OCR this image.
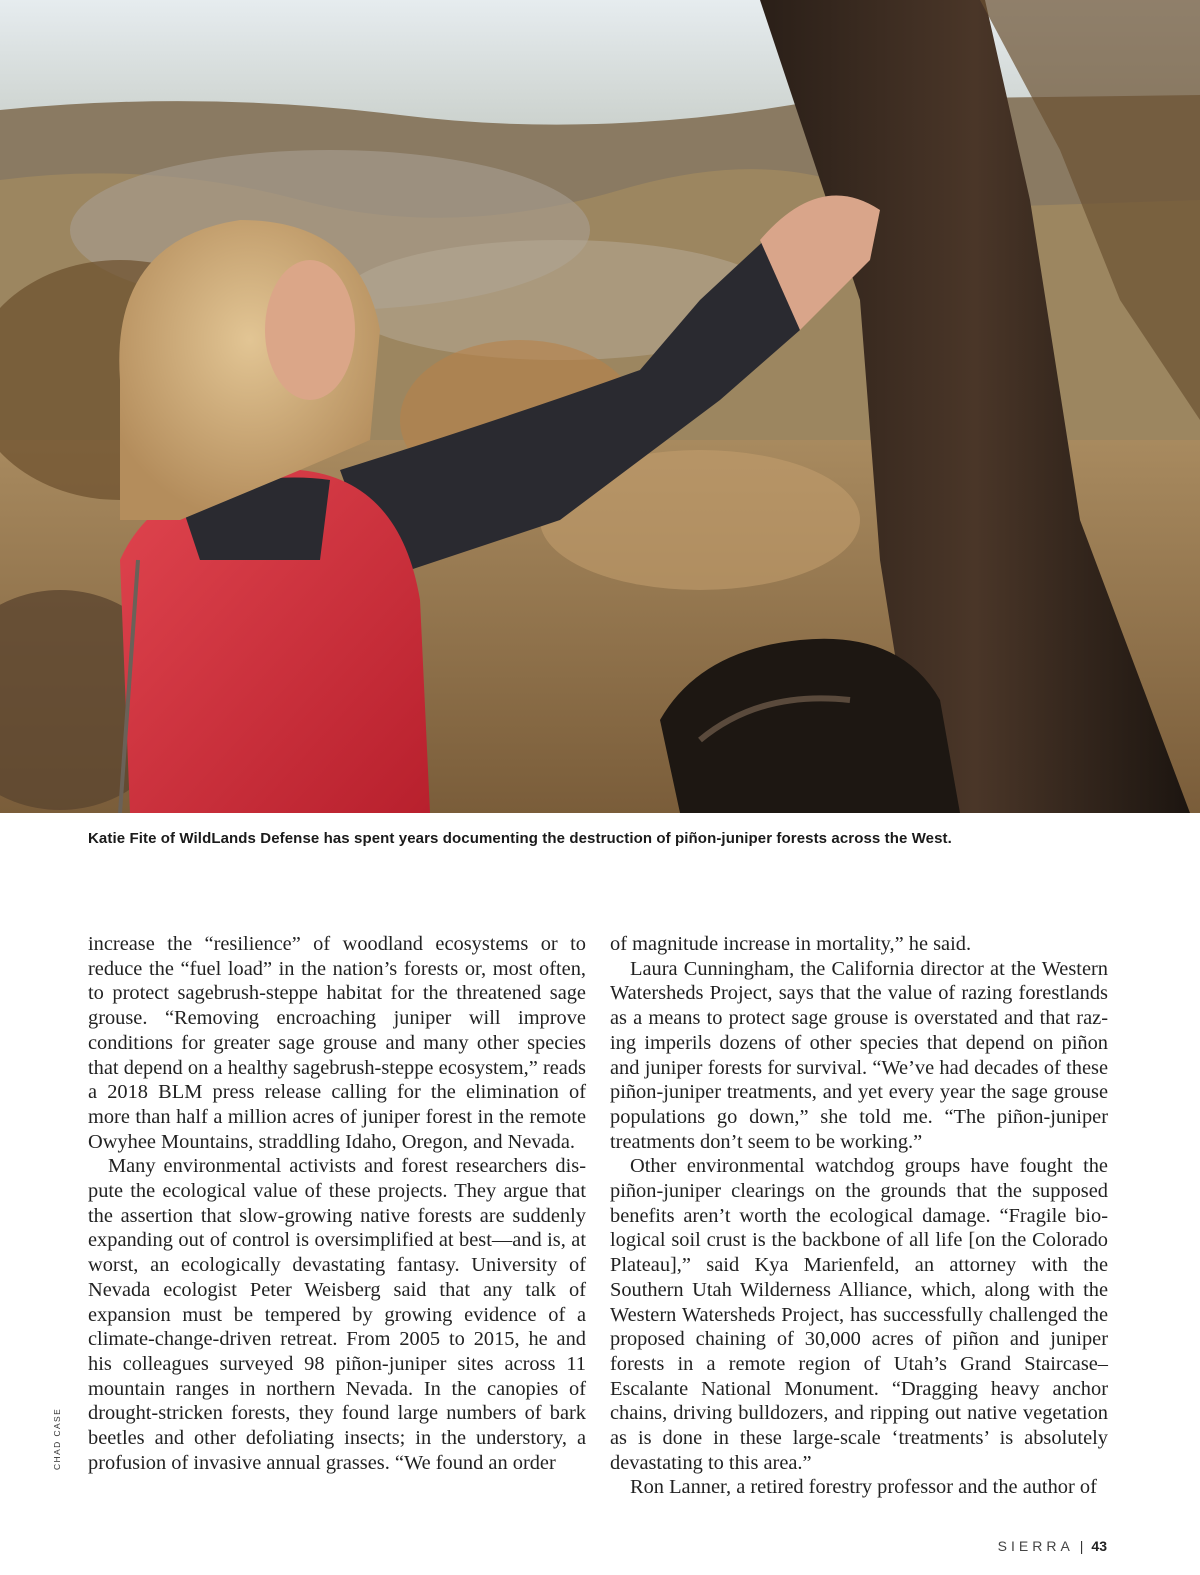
Katie Fite of WildLands Defense has spent years documenting the destruction of piñon-juniper forests across the West.
CHAD CASE

increase the “resilience” of woodland ecosystems or to reduce the “fuel load” in the nation’s forests or, most often, to protect sagebrush-steppe habitat for the threatened sage grouse. “Removing encroaching juniper will improve conditions for greater sage grouse and many other species that depend on a healthy sagebrush-steppe ecosystem,” reads a 2018 BLM press release calling for the elimination of more than half a million acres of juniper forest in the remote Owyhee Mountains, straddling Idaho, Oregon, and Nevada.

Many environmental activists and forest researchers dispute the ecological value of these projects. They argue that the assertion that slow-growing native forests are suddenly expanding out of control is oversimplified at best—and is, at worst, an ecologically devastating fantasy. University of Nevada ecologist Peter Weisberg said that any talk of expansion must be tempered by growing evidence of a climate-change-driven retreat. From 2005 to 2015, he and his colleagues surveyed 98 piñon-juniper sites across 11 mountain ranges in northern Nevada. In the canopies of drought-stricken forests, they found large numbers of bark beetles and other defoliating insects; in the understory, a profusion of invasive annual grasses. “We found an order

of magnitude increase in mortality,” he said.

Laura Cunningham, the California director at the Western Watersheds Project, says that the value of razing forestlands as a means to protect sage grouse is overstated and that razing imperils dozens of other species that depend on piñon and juniper forests for survival. “We’ve had decades of these piñon-juniper treatments, and yet every year the sage grouse populations go down,” she told me. “The piñon-juniper treatments don’t seem to be working.”

Other environmental watchdog groups have fought the piñon-juniper clearings on the grounds that the supposed benefits aren’t worth the ecological damage. “Fragile biological soil crust is the backbone of all life [on the Colorado Plateau],” said Kya Marienfeld, an attorney with the Southern Utah Wilderness Alliance, which, along with the Western Watersheds Project, has successfully challenged the proposed chaining of 30,000 acres of piñon and juniper forests in a remote region of Utah’s Grand Staircase–Escalante National Monument. “Dragging heavy anchor chains, driving bulldozers, and ripping out native vegetation as is done in these large-scale ‘treatments’ is absolutely devastating to this area.”

Ron Lanner, a retired forestry professor and the author of

SIERRA | 43
